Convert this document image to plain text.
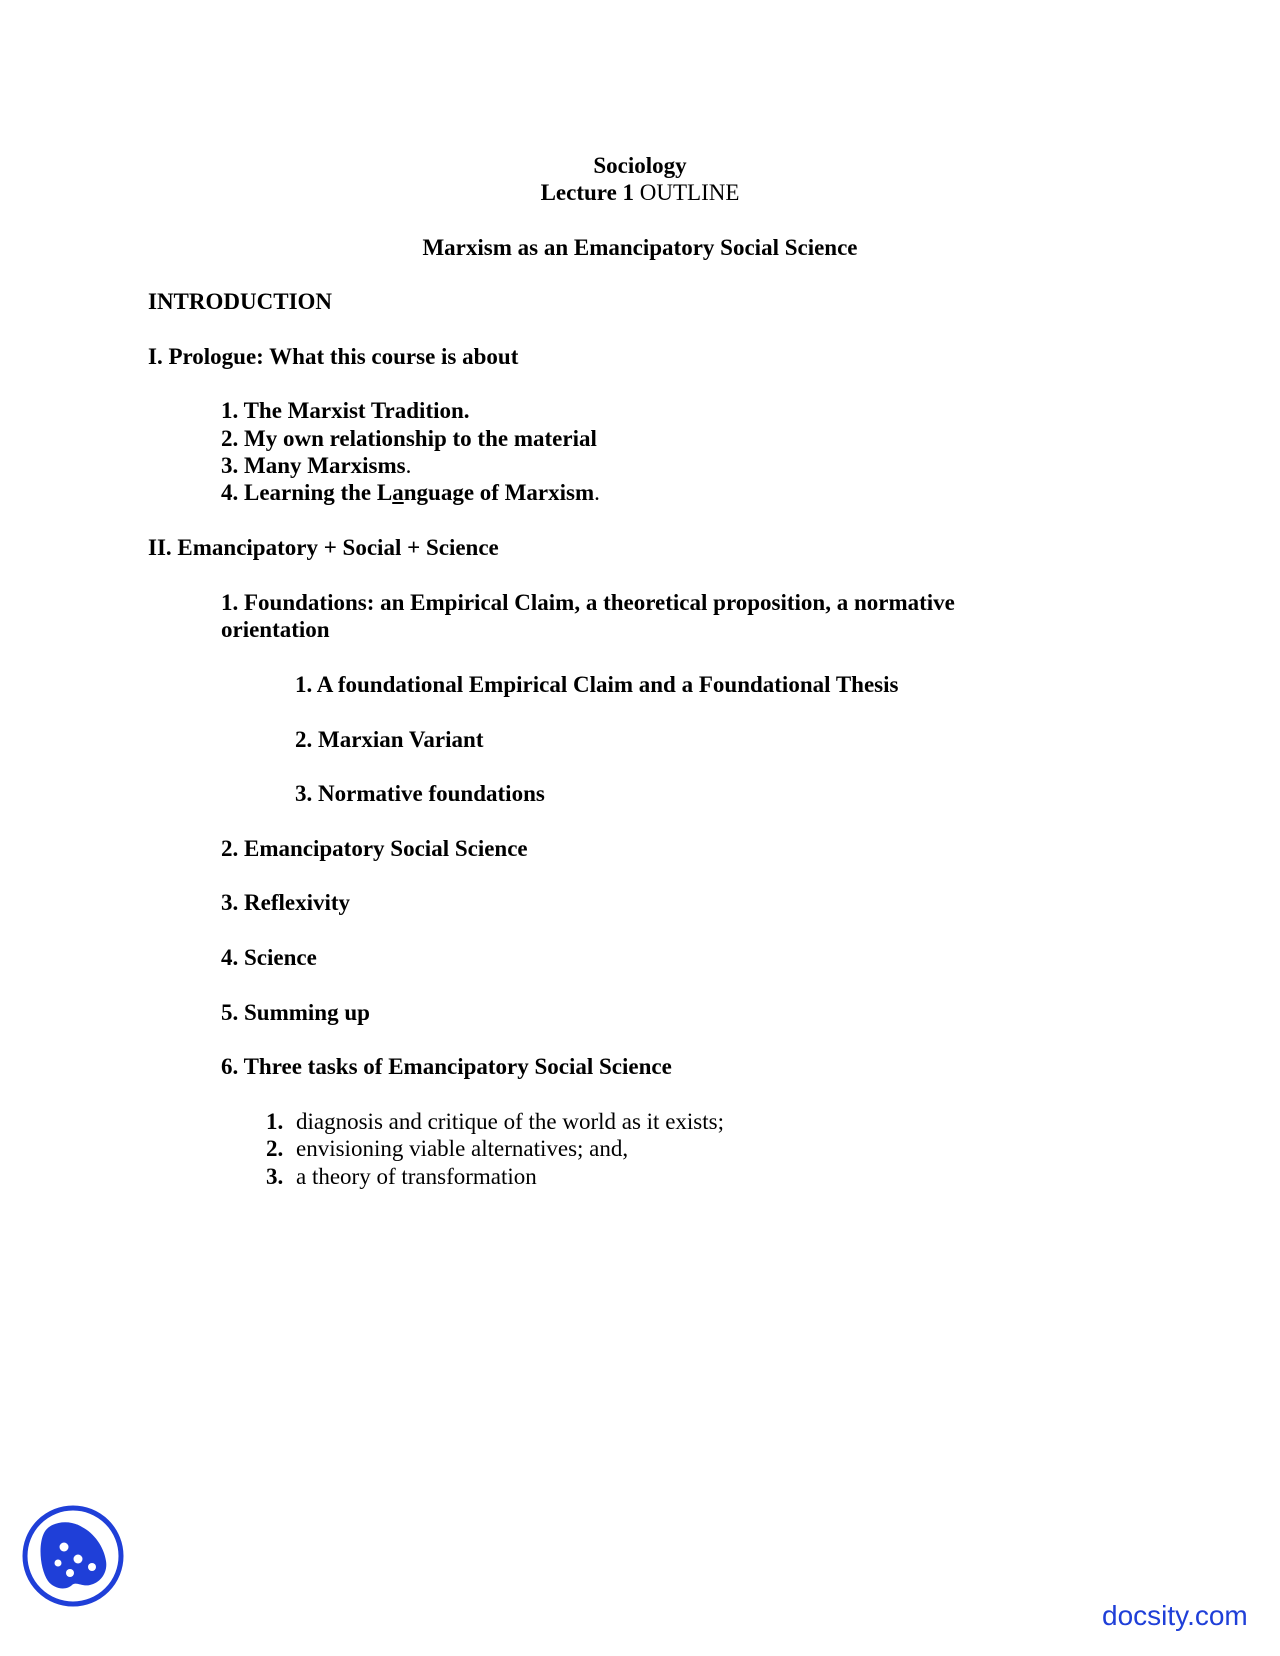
Sociology
Lecture 1 OUTLINE
Marxism as an Emancipatory Social Science
INTRODUCTION
I. Prologue: What this course is about
1. The Marxist Tradition.
2. My own relationship to the material
3. Many Marxisms.
4. Learning the Language of Marxism.
II. Emancipatory + Social + Science
1. Foundations: an Empirical Claim, a theoretical proposition, a normative
orientation
1. A foundational Empirical Claim and a Foundational Thesis
2. Marxian Variant
3. Normative foundations
2. Emancipatory Social Science
3. Reflexivity
4. Science
5. Summing up
6. Three tasks of Emancipatory Social Science
1. diagnosis and critique of the world as it exists;
2. envisioning viable alternatives; and,
3. a theory of transformation
docsity.com
